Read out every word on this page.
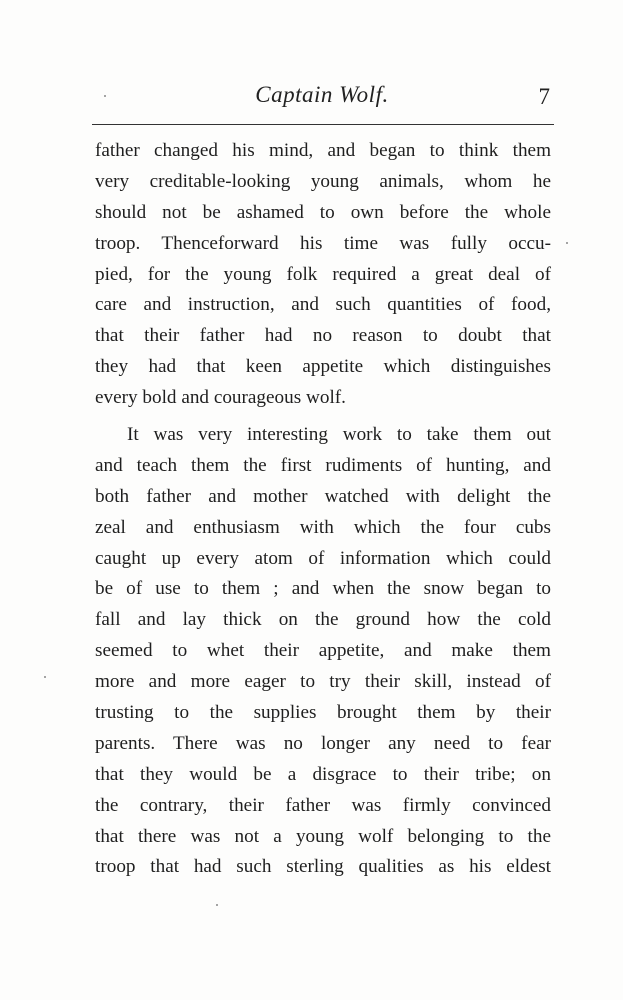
Captain Wolf.	7
father changed his mind, and began to think them
very creditable-looking young animals, whom he
should not be ashamed to own before the whole
troop. Thenceforward his time was fully occu-
pied, for the young folk required a great deal of
care and instruction, and such quantities of food,
that their father had no reason to doubt that
they had that keen appetite which distinguishes
every bold and courageous wolf.
It was very interesting work to take them out
and teach them the first rudiments of hunting, and
both father and mother watched with delight the
zeal and enthusiasm with which the four cubs
caught up every atom of information which could
be of use to them ; and when the snow began to
fall and lay thick on the ground how the cold
seemed to whet their appetite, and make them
more and more eager to try their skill, instead of
trusting to the supplies brought them by their
parents. There was no longer any need to fear
that they would be a disgrace to their tribe; on
the contrary, their father was firmly convinced
that there was not a young wolf belonging to the
troop that had such sterling qualities as his eldest
